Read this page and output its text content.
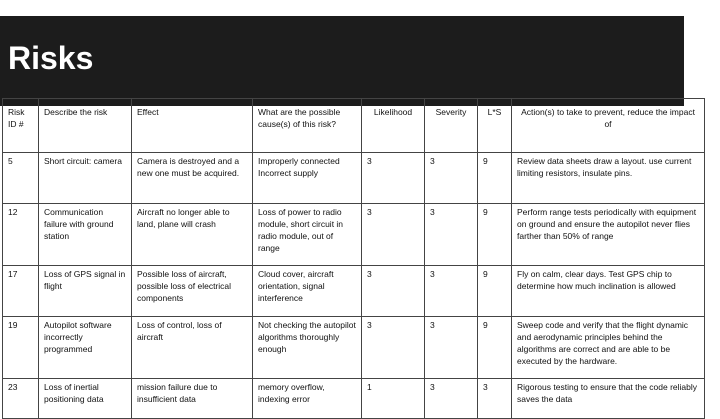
Risk ID #	Describe the risk	Effect	What are the possible cause(s) of this risk?	Likelihood	Severity	L*S	Action(s) to take to prevent, reduce the impact of
5	Short circuit: camera	Camera is destroyed and a new one must be acquired.	Improperly connected Incorrect supply	3	3	9	Review data sheets draw a layout. use current limiting resistors, insulate pins.
12	Communication failure with ground station	Aircraft no longer able to land, plane will crash	Loss of power to radio module, short circuit in radio module, out of range	3	3	9	Perform range tests periodically with equipment on ground and ensure the autopilot never flies farther than 50% of range
17	Loss of GPS signal in flight	Possible loss of aircraft, possible loss of electrical components	Cloud cover, aircraft orientation, signal interference	3	3	9	Fly on calm, clear days. Test GPS chip to determine how much inclination is allowed
19	Autopilot software incorrectly programmed	Loss of control, loss of aircraft	Not checking the autopilot algorithms thoroughly enough	3	3	9	Sweep code and verify that the flight dynamic and aerodynamic principles behind the algorithms are correct and are able to be executed by the hardware.
23	Loss of inertial positioning data	mission failure due to insufficient data	memory overflow, indexing error	1	3	3	Rigorous testing to ensure that the code reliably saves the data
Risks
